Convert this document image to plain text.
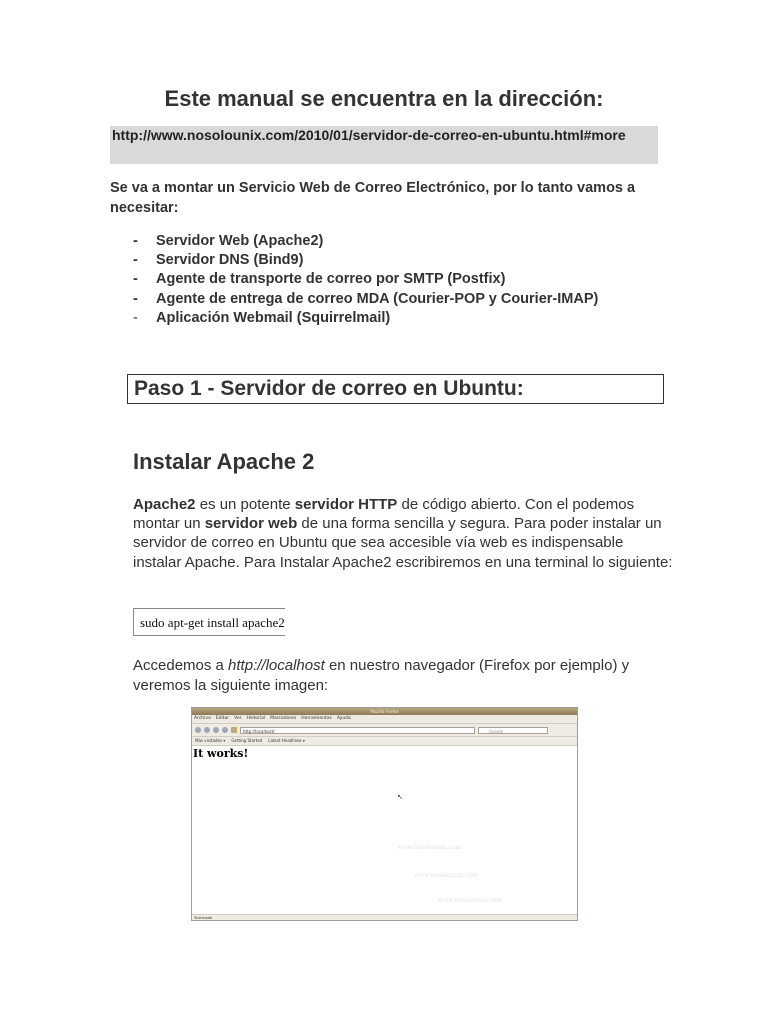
Este manual se encuentra en la dirección:
http://www.nosolounix.com/2010/01/servidor-de-correo-en-ubuntu.html#more
Se va a montar un Servicio Web de Correo Electrónico, por lo tanto vamos a necesitar:
- Servidor Web (Apache2)
- Servidor DNS (Bind9)
- Agente de transporte de correo por SMTP (Postfix)
- Agente de entrega de correo MDA (Courier-POP y Courier-IMAP)
- Aplicación Webmail (Squirrelmail)
Paso 1 - Servidor de correo en Ubuntu:
Instalar Apache 2
Apache2 es un potente servidor HTTP de código abierto. Con el podemos montar un servidor web de una forma sencilla y segura. Para poder instalar un servidor de correo en Ubuntu que sea accesible vía web es indispensable instalar Apache. Para Instalar Apache2 escribiremos en una terminal lo siguiente:
sudo apt-get install apache2
Accedemos a http://localhost en nuestro navegador (Firefox por ejemplo) y veremos la siguiente imagen:
Mozilla Firefox
Archivo Editar Ver Historial Marcadores Herramientas Ayuda
http://localhost/	Google
Más visitados ▾ Getting Started Latest Headlines ▾
It works!
↖
www.nosolounix.com
www.nosolounix.com
www.nosolounix.com
Terminado
